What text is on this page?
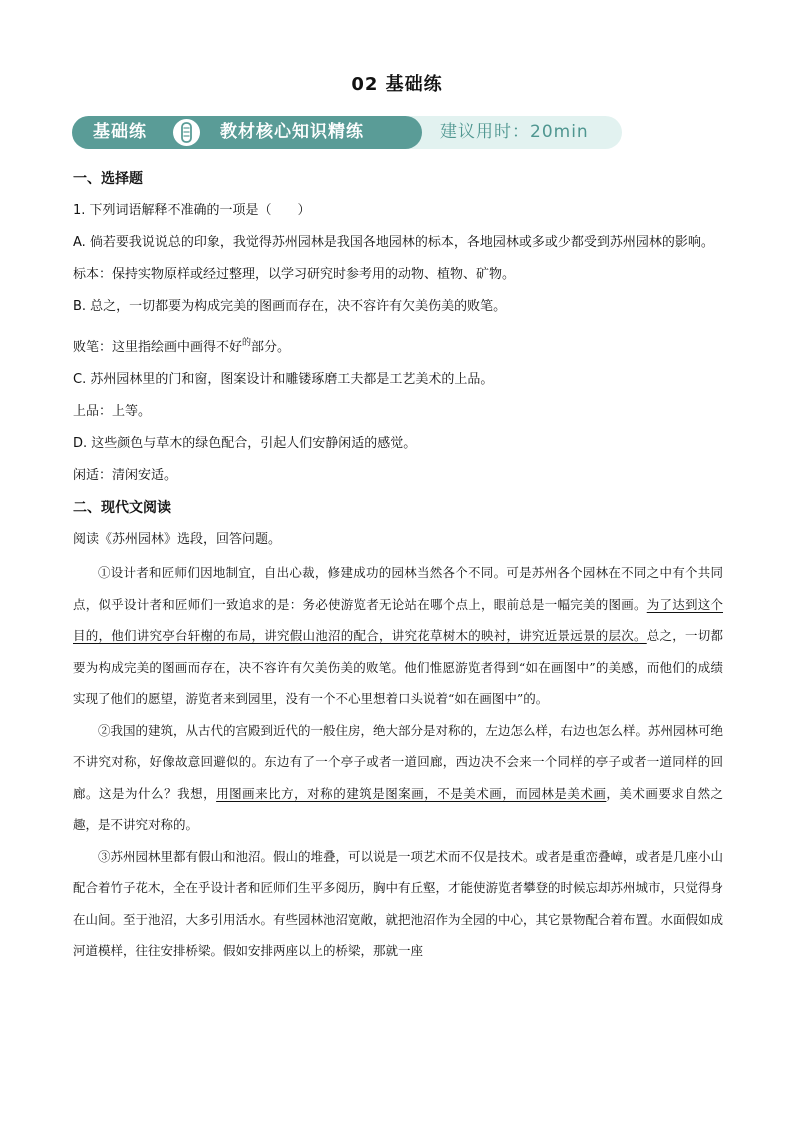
02 基础练
基础练	教材核心知识精练	建议用时：20min

一、选择题

1. 下列词语解释不准确的一项是（　　）

A. 倘若要我说说总的印象，我觉得苏州园林是我国各地园林的标本，各地园林或多或少都受到苏州园林的影响。

标本：保持实物原样或经过整理，以学习研究时参考用的动物、植物、矿物。

B. 总之，一切都要为构成完美的图画而存在，决不容许有欠美伤美的败笔。

败笔：这里指绘画中画得不好$^的$部分。

C. 苏州园林里的门和窗，图案设计和雕镂琢磨工夫都是工艺美术的上品。

上品：上等。

D. 这些颜色与草木的绿色配合，引起人们安静闲适的感觉。

闲适：清闲安适。

二、现代文阅读

阅读《苏州园林》选段，回答问题。

①设计者和匠师们因地制宜，自出心裁，修建成功的园林当然各个不同。可是苏州各个园林在不同之中有个共同点，似乎设计者和匠师们一致追求的是：务必使游览者无论站在哪个点上，眼前总是一幅完美的图画。为了达到这个目的，他们讲究亭台轩榭的布局，讲究假山池沼的配合，讲究花草树木的映衬，讲究近景远景的层次。总之，一切都要为构成完美的图画而存在，决不容许有欠美伤美的败笔。他们惟愿游览者得到“如在画图中”的美感，而他们的成绩实现了他们的愿望，游览者来到园里，没有一个不心里想着口头说着“如在画图中”的。

②我国的建筑，从古代的宫殿到近代的一般住房，绝大部分是对称的，左边怎么样，右边也怎么样。苏州园林可绝不讲究对称，好像故意回避似的。东边有了一个亭子或者一道回廊，西边决不会来一个同样的亭子或者一道同样的回廊。这是为什么？我想，用图画来比方，对称的建筑是图案画，不是美术画，而园林是美术画，美术画要求自然之趣，是不讲究对称的。

③苏州园林里都有假山和池沼。假山的堆叠，可以说是一项艺术而不仅是技术。或者是重峦叠嶂，或者是几座小山配合着竹子花木，全在乎设计者和匠师们生平多阅历，胸中有丘壑，才能使游览者攀登的时候忘却苏州城市，只觉得身在山间。至于池沼，大多引用活水。有些园林池沼宽敞，就把池沼作为全园的中心，其它景物配合着布置。水面假如成河道模样，往往安排桥梁。假如安排两座以上的桥梁，那就一座
